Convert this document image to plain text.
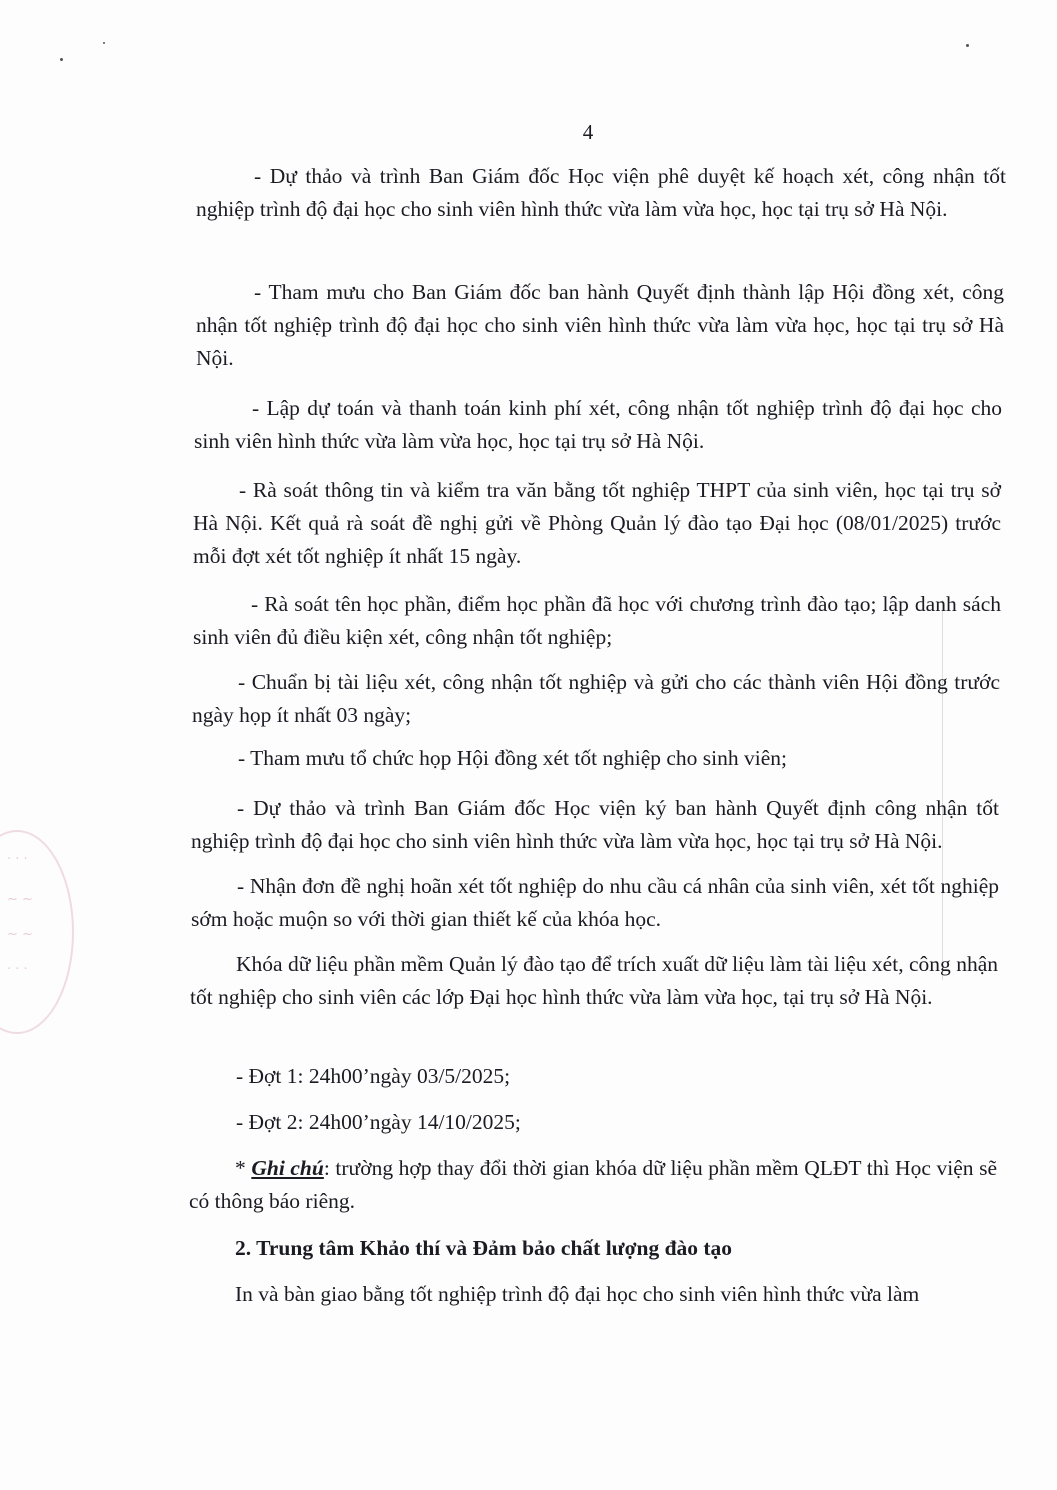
· · ·
~ ~
~ ~
· · ·
4
- Dự thảo và trình Ban Giám đốc Học viện phê duyệt kế hoạch xét, công nhận tốt nghiệp trình độ đại học cho sinh viên hình thức vừa làm vừa học, học tại trụ sở Hà Nội.
- Tham mưu cho Ban Giám đốc ban hành Quyết định thành lập Hội đồng xét, công nhận tốt nghiệp trình độ đại học cho sinh viên hình thức vừa làm vừa học, học tại trụ sở Hà Nội.
- Lập dự toán và thanh toán kinh phí xét, công nhận tốt nghiệp trình độ đại học cho sinh viên hình thức vừa làm vừa học, học tại trụ sở Hà Nội.
- Rà soát thông tin và kiểm tra văn bằng tốt nghiệp THPT của sinh viên, học tại trụ sở Hà Nội. Kết quả rà soát đề nghị gửi về Phòng Quản lý đào tạo Đại học (08/01/2025) trước mỗi đợt xét tốt nghiệp ít nhất 15 ngày.
- Rà soát tên học phần, điểm học phần đã học với chương trình đào tạo; lập danh sách sinh viên đủ điều kiện xét, công nhận tốt nghiệp;
- Chuẩn bị tài liệu xét, công nhận tốt nghiệp và gửi cho các thành viên Hội đồng trước ngày họp ít nhất 03 ngày;
- Tham mưu tổ chức họp Hội đồng xét tốt nghiệp cho sinh viên;
- Dự thảo và trình Ban Giám đốc Học viện ký ban hành Quyết định công nhận tốt nghiệp trình độ đại học cho sinh viên hình thức vừa làm vừa học, học tại trụ sở Hà Nội.
- Nhận đơn đề nghị hoãn xét tốt nghiệp do nhu cầu cá nhân của sinh viên, xét tốt nghiệp sớm hoặc muộn so với thời gian thiết kế của khóa học.
Khóa dữ liệu phần mềm Quản lý đào tạo để trích xuất dữ liệu làm tài liệu xét, công nhận tốt nghiệp cho sinh viên các lớp Đại học hình thức vừa làm vừa học, tại trụ sở Hà Nội.
- Đợt 1: 24h00’ngày 03/5/2025;
- Đợt 2: 24h00’ngày 14/10/2025;
* Ghi chú: trường hợp thay đổi thời gian khóa dữ liệu phần mềm QLĐT thì Học viện sẽ có thông báo riêng.
2. Trung tâm Khảo thí và Đảm bảo chất lượng đào tạo
In và bàn giao bằng tốt nghiệp trình độ đại học cho sinh viên hình thức vừa làm
